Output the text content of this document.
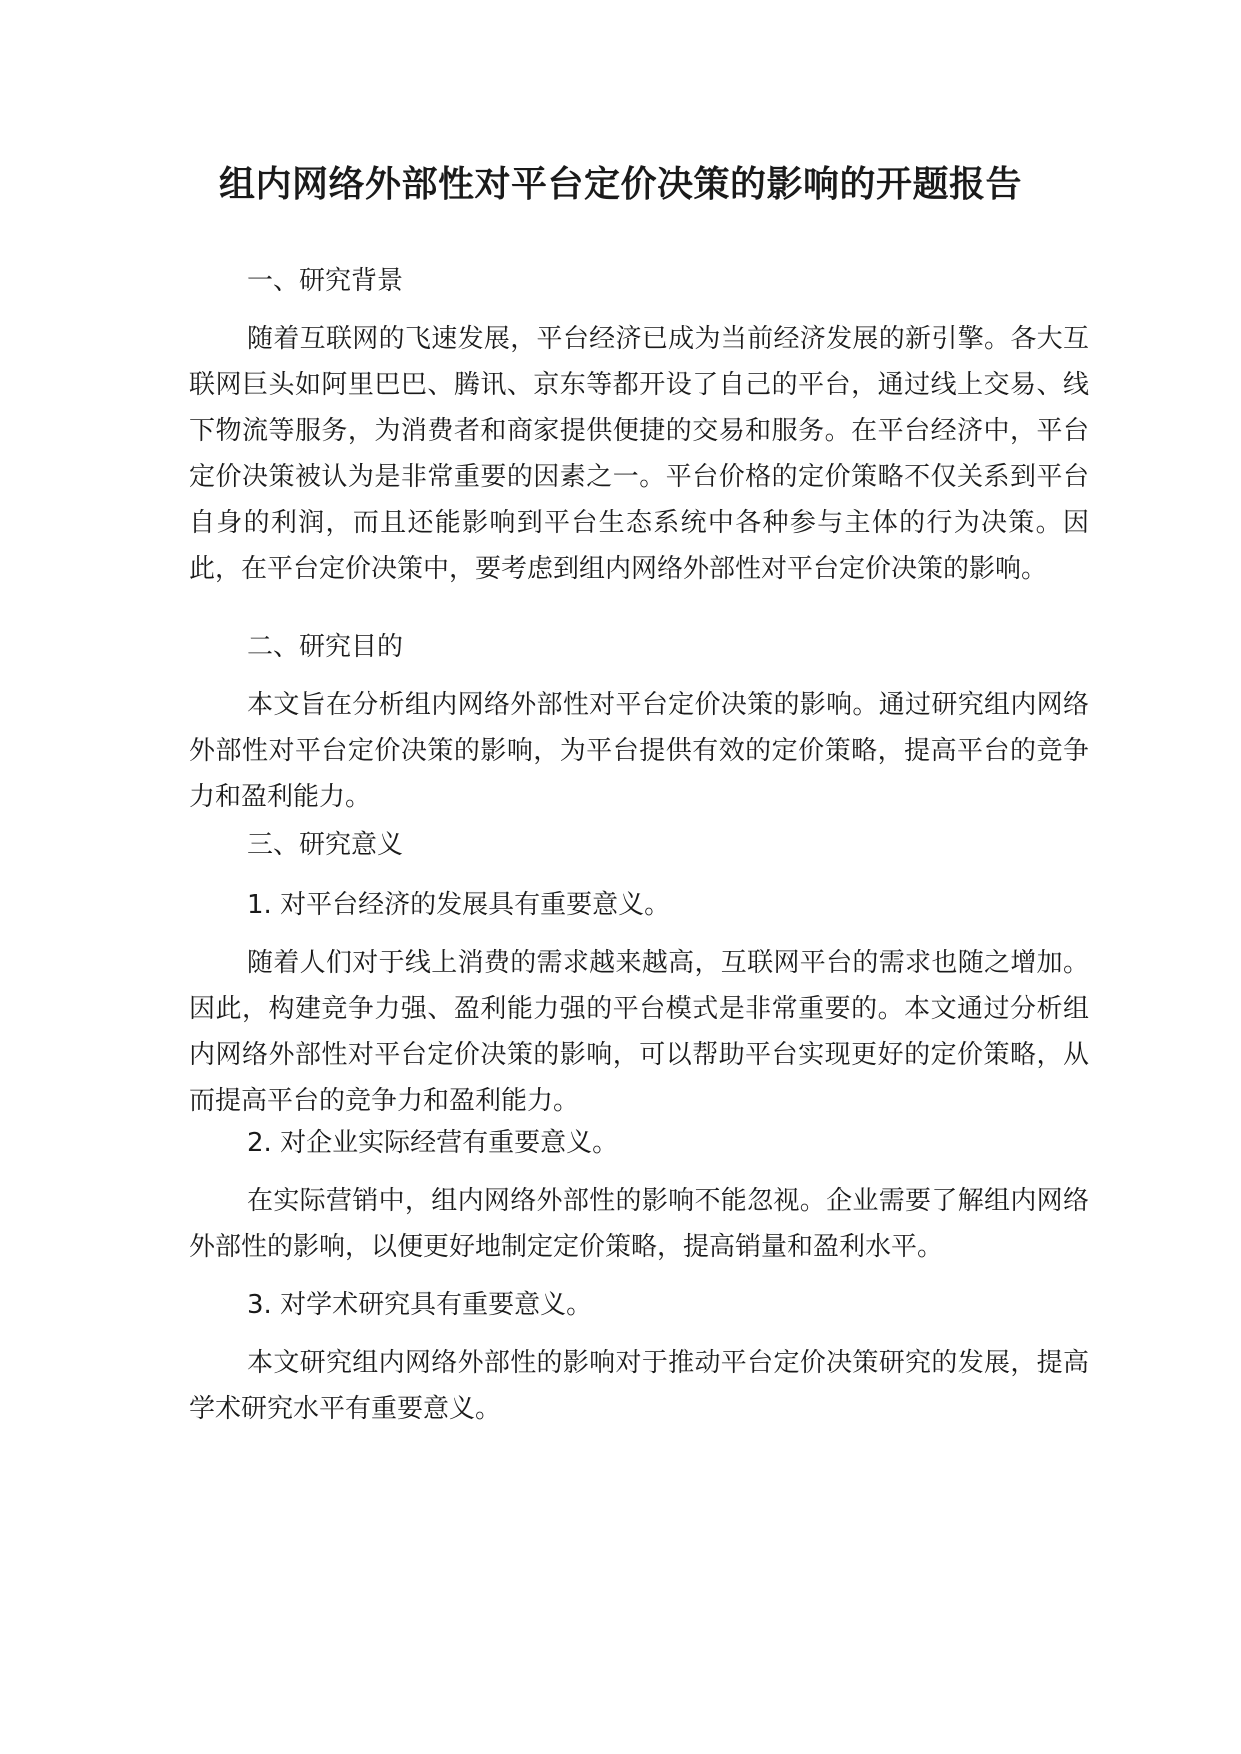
组内网络外部性对平台定价决策的影响的开题报告

一、研究背景

随着互联网的飞速发展，平台经济已成为当前经济发展的新引擎。各大互联网巨头如阿里巴巴、腾讯、京东等都开设了自己的平台，通过线上交易、线下物流等服务，为消费者和商家提供便捷的交易和服务。在平台经济中，平台定价决策被认为是非常重要的因素之一。平台价格的定价策略不仅关系到平台自身的利润，而且还能影响到平台生态系统中各种参与主体的行为决策。因此，在平台定价决策中，要考虑到组内网络外部性对平台定价决策的影响。

二、研究目的

本文旨在分析组内网络外部性对平台定价决策的影响。通过研究组内网络外部性对平台定价决策的影响，为平台提供有效的定价策略，提高平台的竞争力和盈利能力。

三、研究意义

1. 对平台经济的发展具有重要意义。

随着人们对于线上消费的需求越来越高，互联网平台的需求也随之增加。因此，构建竞争力强、盈利能力强的平台模式是非常重要的。本文通过分析组内网络外部性对平台定价决策的影响，可以帮助平台实现更好的定价策略，从而提高平台的竞争力和盈利能力。

2. 对企业实际经营有重要意义。

在实际营销中，组内网络外部性的影响不能忽视。企业需要了解组内网络外部性的影响，以便更好地制定定价策略，提高销量和盈利水平。

3. 对学术研究具有重要意义。

本文研究组内网络外部性的影响对于推动平台定价决策研究的发展，提高学术研究水平有重要意义。
